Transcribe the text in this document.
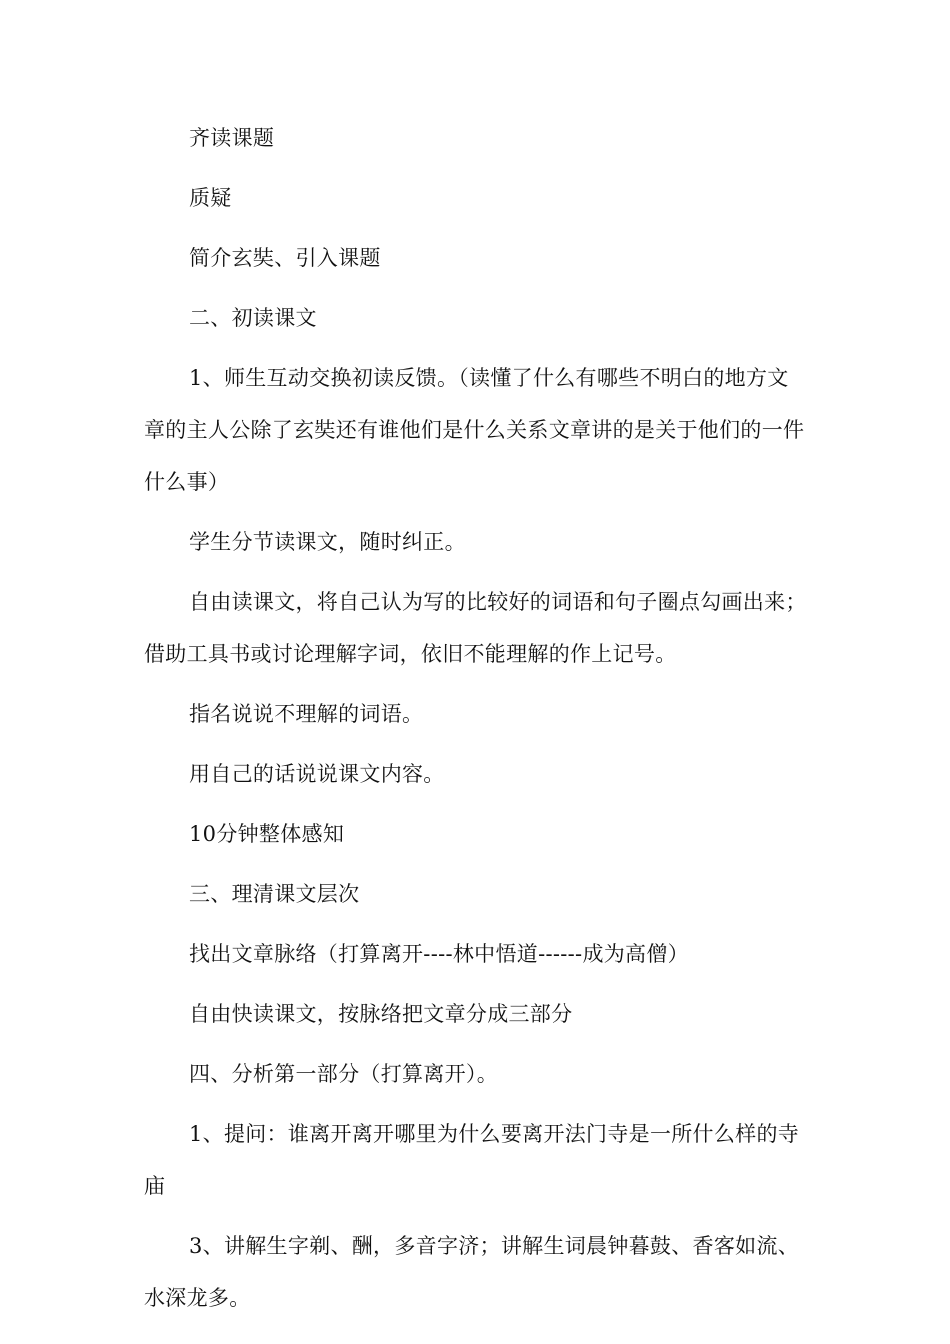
齐读课题

质疑

简介玄奘、引入课题

二、初读课文

1、师生互动交换初读反馈。（读懂了什么有哪些不明白的地方文章的主人公除了玄奘还有谁他们是什么关系文章讲的是关于他们的一件什么事）

学生分节读课文，随时纠正。

自由读课文，将自己认为写的比较好的词语和句子圈点勾画出来；借助工具书或讨论理解字词，依旧不能理解的作上记号。

指名说说不理解的词语。

用自己的话说说课文内容。

10分钟整体感知

三、理清课文层次

找出文章脉络（打算离开----林中悟道------成为高僧）

自由快读课文，按脉络把文章分成三部分

四、分析第一部分（打算离开）。

1、提问：谁离开离开哪里为什么要离开法门寺是一所什么样的寺庙

3、讲解生字剃、酬，多音字济；讲解生词晨钟暮鼓、香客如流、水深龙多。
